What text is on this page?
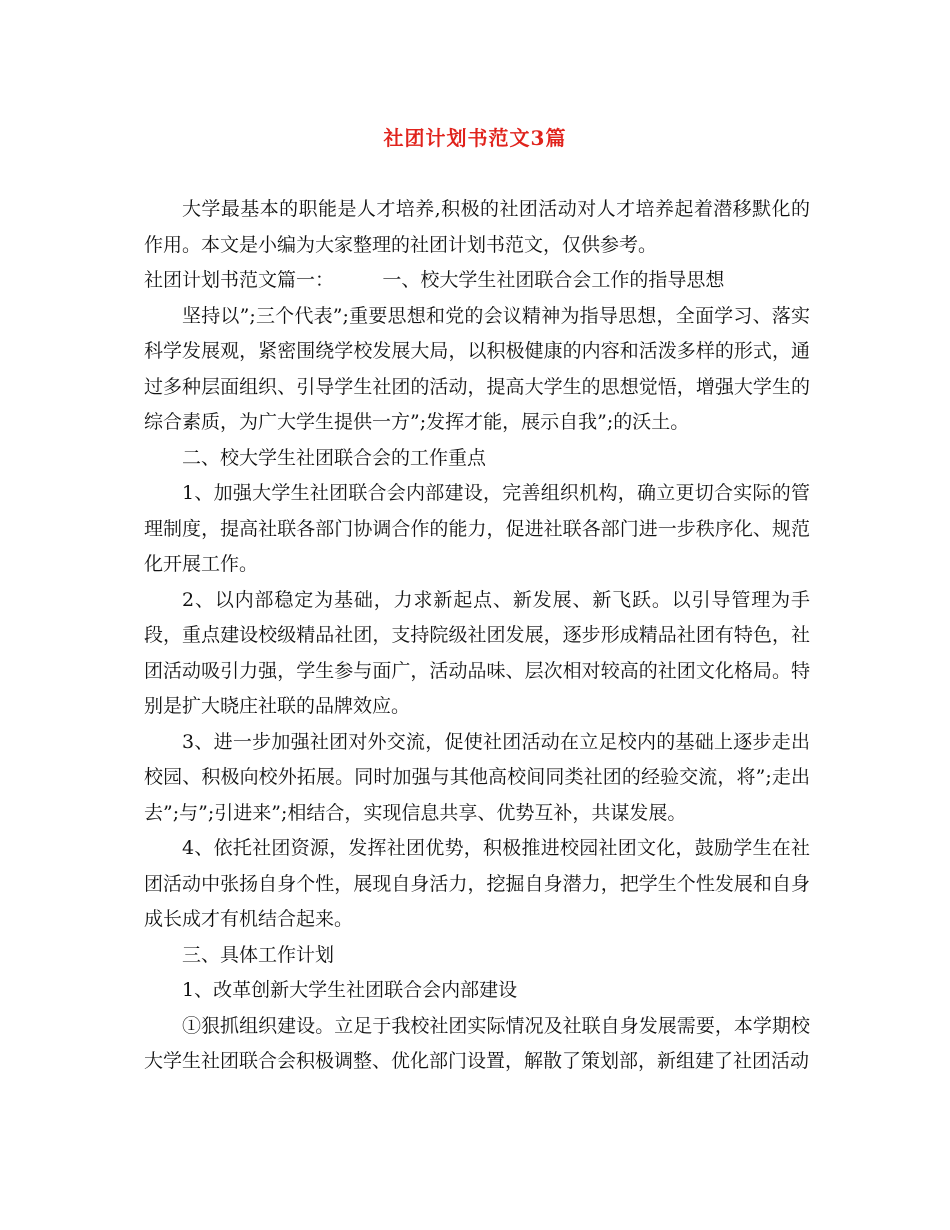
社团计划书范文3篇

大学最基本的职能是人才培养,积极的社团活动对人才培养起着潜移默化的作用。本文是小编为大家整理的社团计划书范文，仅供参考。

社团计划书范文篇一：        一、校大学生社团联合会工作的指导思想

坚持以”;三个代表”;重要思想和党的会议精神为指导思想，全面学习、落实科学发展观，紧密围绕学校发展大局，以积极健康的内容和活泼多样的形式，通过多种层面组织、引导学生社团的活动，提高大学生的思想觉悟，增强大学生的综合素质，为广大学生提供一方”;发挥才能，展示自我”;的沃土。

二、校大学生社团联合会的工作重点

1、加强大学生社团联合会内部建设，完善组织机构，确立更切合实际的管理制度，提高社联各部门协调合作的能力，促进社联各部门进一步秩序化、规范化开展工作。

2、以内部稳定为基础，力求新起点、新发展、新飞跃。以引导管理为手段，重点建设校级精品社团，支持院级社团发展，逐步形成精品社团有特色，社团活动吸引力强，学生参与面广，活动品味、层次相对较高的社团文化格局。特别是扩大晓庄社联的品牌效应。

3、进一步加强社团对外交流，促使社团活动在立足校内的基础上逐步走出校园、积极向校外拓展。同时加强与其他高校间同类社团的经验交流，将”;走出去”;与”;引进来”;相结合，实现信息共享、优势互补，共谋发展。

4、依托社团资源，发挥社团优势，积极推进校园社团文化，鼓励学生在社团活动中张扬自身个性，展现自身活力，挖掘自身潜力，把学生个性发展和自身成长成才有机结合起来。

三、具体工作计划

1、改革创新大学生社团联合会内部建设

①狠抓组织建设。立足于我校社团实际情况及社联自身发展需要，本学期校大学生社团联合会积极调整、优化部门设置，解散了策划部，新组建了社团活动
